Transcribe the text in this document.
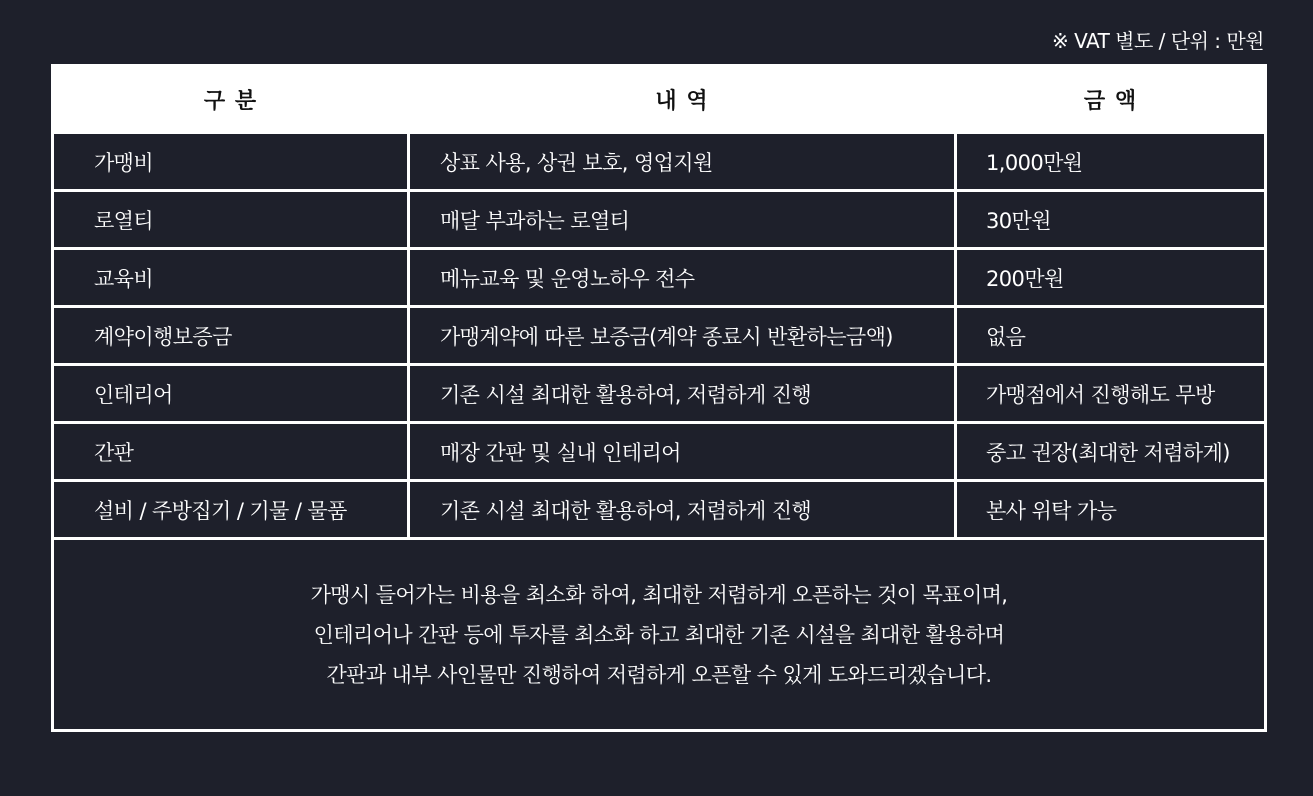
※ VAT 별도 / 단위 : 만원
구 분	내 역	금 액
가맹비	상표 사용, 상권 보호, 영업지원	1,000만원
로열티	매달 부과하는 로열티	30만원
교육비	메뉴교육 및 운영노하우 전수	200만원
계약이행보증금	가맹계약에 따른 보증금(계약 종료시 반환하는금액)	없음
인테리어	기존 시설 최대한 활용하여, 저렴하게 진행	가맹점에서 진행해도 무방
간판	매장 간판 및 실내 인테리어	중고 권장(최대한 저렴하게)
설비 / 주방집기 / 기물 / 물품	기존 시설 최대한 활용하여, 저렴하게 진행	본사 위탁 가능

가맹시 들어가는 비용을 최소화 하여, 최대한 저렴하게 오픈하는 것이 목표이며,
인테리어나 간판 등에 투자를 최소화 하고 최대한 기존 시설을 최대한 활용하며
간판과 내부 사인물만 진행하여 저렴하게 오픈할 수 있게 도와드리겠습니다.		
